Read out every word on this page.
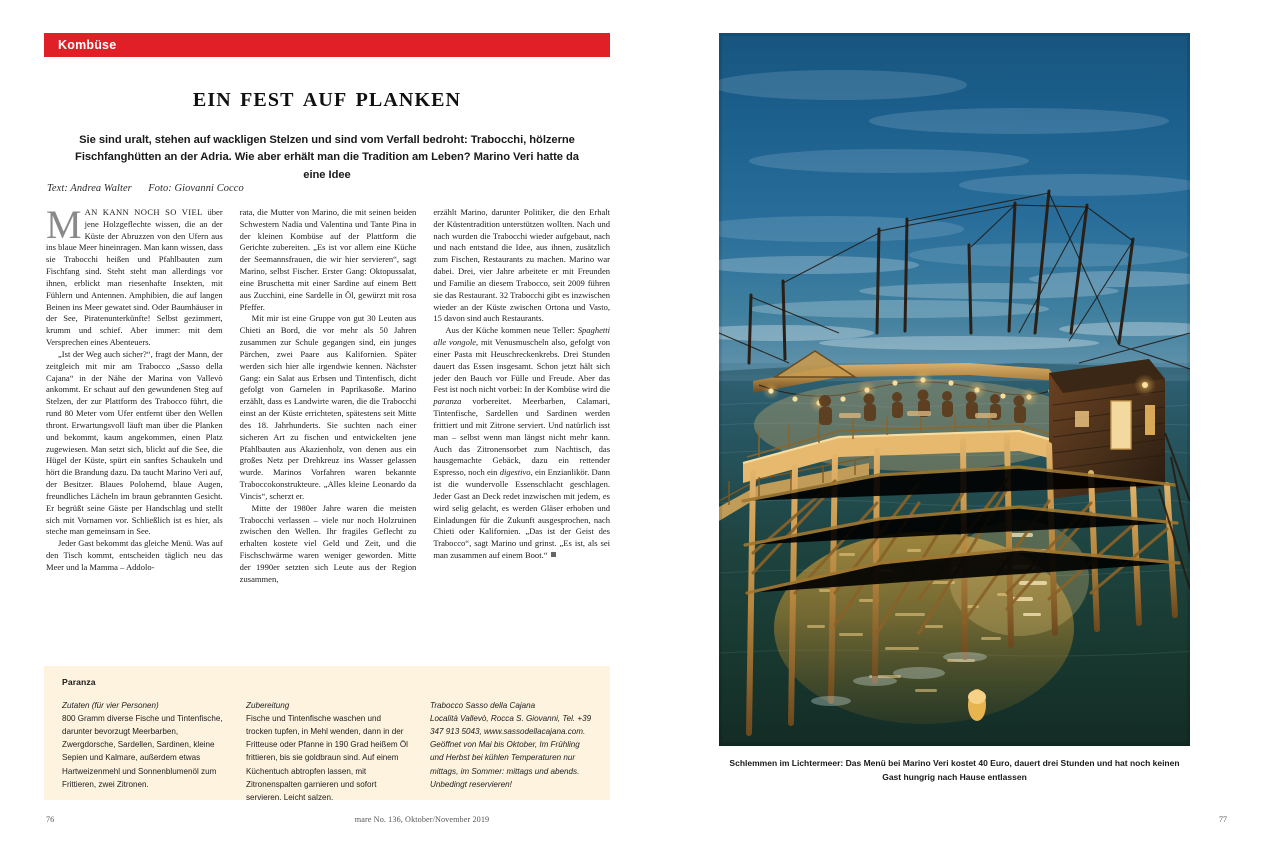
Kombüse
ein fest auf planken
Sie sind uralt, stehen auf wackligen Stelzen und sind vom Verfall bedroht: Trabocchi, hölzerne Fischfanghütten an der Adria. Wie aber erhält man die Tradition am Leben? Marino Veri hatte da eine Idee
Text: Andrea Walter Foto: Giovanni Cocco

MAN KANN NOCH SO VIEL über jene Holzgeflechte wissen, die an der Küste der Abruzzen von den Ufern aus ins blaue Meer hineinragen. Man kann wissen, dass sie Trabocchi heißen und Pfahlbauten zum Fischfang sind. Steht steht man allerdings vor ihnen, erblickt man riesenhafte Insekten, mit Fühlern und Antennen. Amphibien, die auf langen Beinen ins Meer gewatet sind. Oder Baumhäuser in der See, Piratenunterkünfte! Selbst gezimmert, krumm und schief. Aber immer: mit dem Versprechen eines Abenteuers.

„Ist der Weg auch sicher?“, fragt der Mann, der zeitgleich mit mir am Trabocco „Sasso della Cajana“ in der Nähe der Marina von Vallevò ankommt. Er schaut auf den gewundenen Steg auf Stelzen, der zur Plattform des Trabocco führt, die rund 80 Meter vom Ufer entfernt über den Wellen thront. Erwartungsvoll läuft man über die Planken und bekommt, kaum angekommen, einen Platz zugewiesen. Man setzt sich, blickt auf die See, die Hügel der Küste, spürt ein sanftes Schaukeln und hört die Brandung dazu. Da taucht Marino Veri auf, der Besitzer. Blaues Polohemd, blaue Augen, freundliches Lächeln im braun gebrannten Gesicht. Er begrüßt seine Gäste per Handschlag und stellt sich mit Vornamen vor. Schließlich ist es hier, als steche man gemeinsam in See.

Jeder Gast bekommt das gleiche Menü. Was auf den Tisch kommt, entscheiden täglich neu das Meer und la Mamma – Addolo-

rata, die Mutter von Marino, die mit seinen beiden Schwestern Nadia und Valentina und Tante Pina in der kleinen Kombüse auf der Plattform die Gerichte zubereiten. „Es ist vor allem eine Küche der Seemannsfrauen, die wir hier servieren“, sagt Marino, selbst Fischer. Erster Gang: Oktopussalat, eine Bruschetta mit einer Sardine auf einem Bett aus Zucchini, eine Sardelle in Öl, gewürzt mit rosa Pfeffer.

Mit mir ist eine Gruppe von gut 30 Leuten aus Chieti an Bord, die vor mehr als 50 Jahren zusammen zur Schule gegangen sind, ein junges Pärchen, zwei Paare aus Kalifornien. Später werden sich hier alle irgendwie kennen. Nächster Gang: ein Salat aus Erbsen und Tintenfisch, dicht gefolgt von Garnelen in Paprikasoße. Marino erzählt, dass es Landwirte waren, die die Trabocchi einst an der Küste errichteten, spätestens seit Mitte des 18. Jahrhunderts. Sie suchten nach einer sicheren Art zu fischen und entwickelten jene Pfahlbauten aus Akazienholz, von denen aus ein großes Netz per Drehkreuz ins Wasser gelassen wurde. Marinos Vorfahren waren bekannte Traboccokonstrukteure. „Alles kleine Leonardo da Vincis“, scherzt er.

Mitte der 1980er Jahre waren die meisten Trabocchi verlassen – viele nur noch Holzruinen zwischen den Wellen. Ihr fragiles Geflecht zu erhalten kostete viel Geld und Zeit, und die Fischschwärme waren weniger geworden. Mitte der 1990er setzten sich Leute aus der Region zusammen,

erzählt Marino, darunter Politiker, die den Erhalt der Küstentradition unterstützen wollten. Nach und nach wurden die Trabocchi wieder aufgebaut, nach und nach entstand die Idee, aus ihnen, zusätzlich zum Fischen, Restaurants zu machen. Marino war dabei. Drei, vier Jahre arbeitete er mit Freunden und Familie an diesem Trabocco, seit 2009 führen sie das Restaurant. 32 Trabocchi gibt es inzwischen wieder an der Küste zwischen Ortona und Vasto, 15 davon sind auch Restaurants.

Aus der Küche kommen neue Teller: Spaghetti alle vongole, mit Venusmuscheln also, gefolgt von einer Pasta mit Heuschreckenkrebs. Drei Stunden dauert das Essen insgesamt. Schon jetzt hält sich jeder den Bauch vor Fülle und Freude. Aber das Fest ist noch nicht vorbei: In der Kombüse wird die paranza vorbereitet. Meerbarben, Calamari, Tintenfische, Sardellen und Sardinen werden frittiert und mit Zitrone serviert. Und natürlich isst man – selbst wenn man längst nicht mehr kann. Auch das Zitronensorbet zum Nachtisch, das hausgemachte Gebäck, dazu ein rettender Espresso, noch ein digestivo, ein Enzianlikör. Dann ist die wundervolle Essenschlacht geschlagen. Jeder Gast an Deck redet inzwischen mit jedem, es wird selig gelacht, es werden Gläser erhoben und Einladungen für die Zukunft ausgesprochen, nach Chieti oder Kalifornien. „Das ist der Geist des Trabocco“, sagt Marino und grinst. „Es ist, als sei man zusammen auf einem Boot.“

Paranza
Zutaten (für vier Personen)
800 Gramm diverse Fische und Tintenfische, darunter bevorzugt Meerbarben, Zwergdorsche, Sardellen, Sardinen, kleine Sepien und Kalmare, außerdem etwas Hartweizenmehl und Sonnenblumenöl zum Frittieren, zwei Zitronen.
Zubereitung
Fische und Tintenfische waschen und trocken tupfen, in Mehl wenden, dann in der Fritteuse oder Pfanne in 190 Grad heißem Öl frittieren, bis sie goldbraun sind. Auf einem Küchentuch abtropfen lassen, mit Zitronenspalten garnieren und sofort servieren. Leicht salzen.
Trabocco Sasso della Cajana
Località Vallevò, Rocca S. Giovanni, Tel. +39 347 913 5043, www.sassodellacajana.com. Geöffnet von Mai bis Oktober, Im Frühling und Herbst bei kühlen Temperaturen nur mittags, im Sommer: mittags und abends. Unbedingt reservieren!
76	mare No. 136, Oktober/November 2019
Schlemmen im Lichtermeer: Das Menü bei Marino Veri kostet 40 Euro, dauert drei Stunden und hat noch keinen Gast hungrig nach Hause entlassen
77
